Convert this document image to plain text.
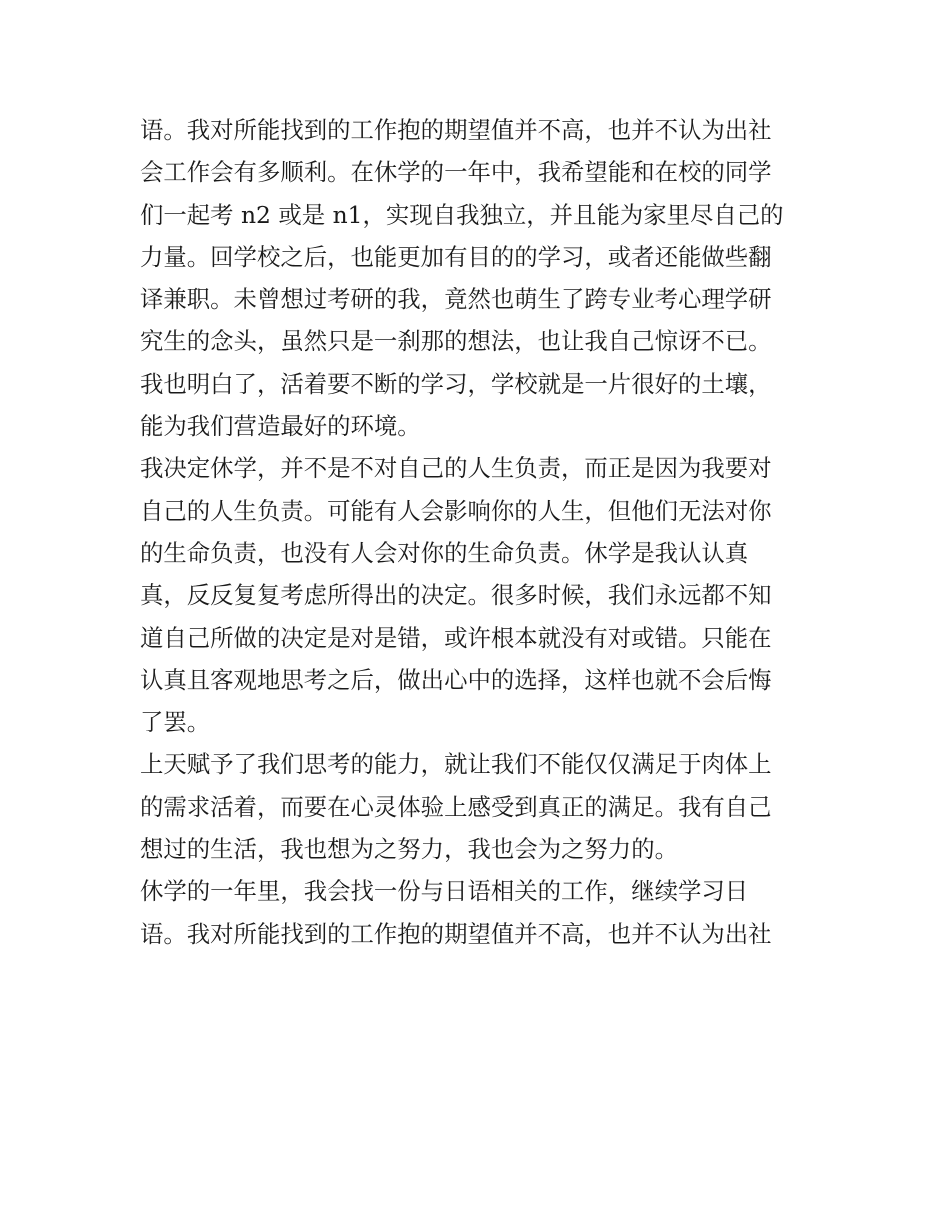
语。我对所能找到的工作抱的期望值并不高，也并不认为出社
会工作会有多顺利。在休学的一年中，我希望能和在校的同学
们一起考 n2 或是 n1，实现自我独立，并且能为家里尽自己的
力量。回学校之后，也能更加有目的的学习，或者还能做些翻
译兼职。未曾想过考研的我，竟然也萌生了跨专业考心理学研
究生的念头，虽然只是一刹那的想法，也让我自己惊讶不已。
我也明白了，活着要不断的学习，学校就是一片很好的土壤，
能为我们营造最好的环境。
我决定休学，并不是不对自己的人生负责，而正是因为我要对
自己的人生负责。可能有人会影响你的人生，但他们无法对你
的生命负责，也没有人会对你的生命负责。休学是我认认真
真，反反复复考虑所得出的决定。很多时候，我们永远都不知
道自己所做的决定是对是错，或许根本就没有对或错。只能在
认真且客观地思考之后，做出心中的选择，这样也就不会后悔
了罢。
上天赋予了我们思考的能力，就让我们不能仅仅满足于肉体上
的需求活着，而要在心灵体验上感受到真正的满足。我有自己
想过的生活，我也想为之努力，我也会为之努力的。
休学的一年里，我会找一份与日语相关的工作，继续学习日
语。我对所能找到的工作抱的期望值并不高，也并不认为出社
